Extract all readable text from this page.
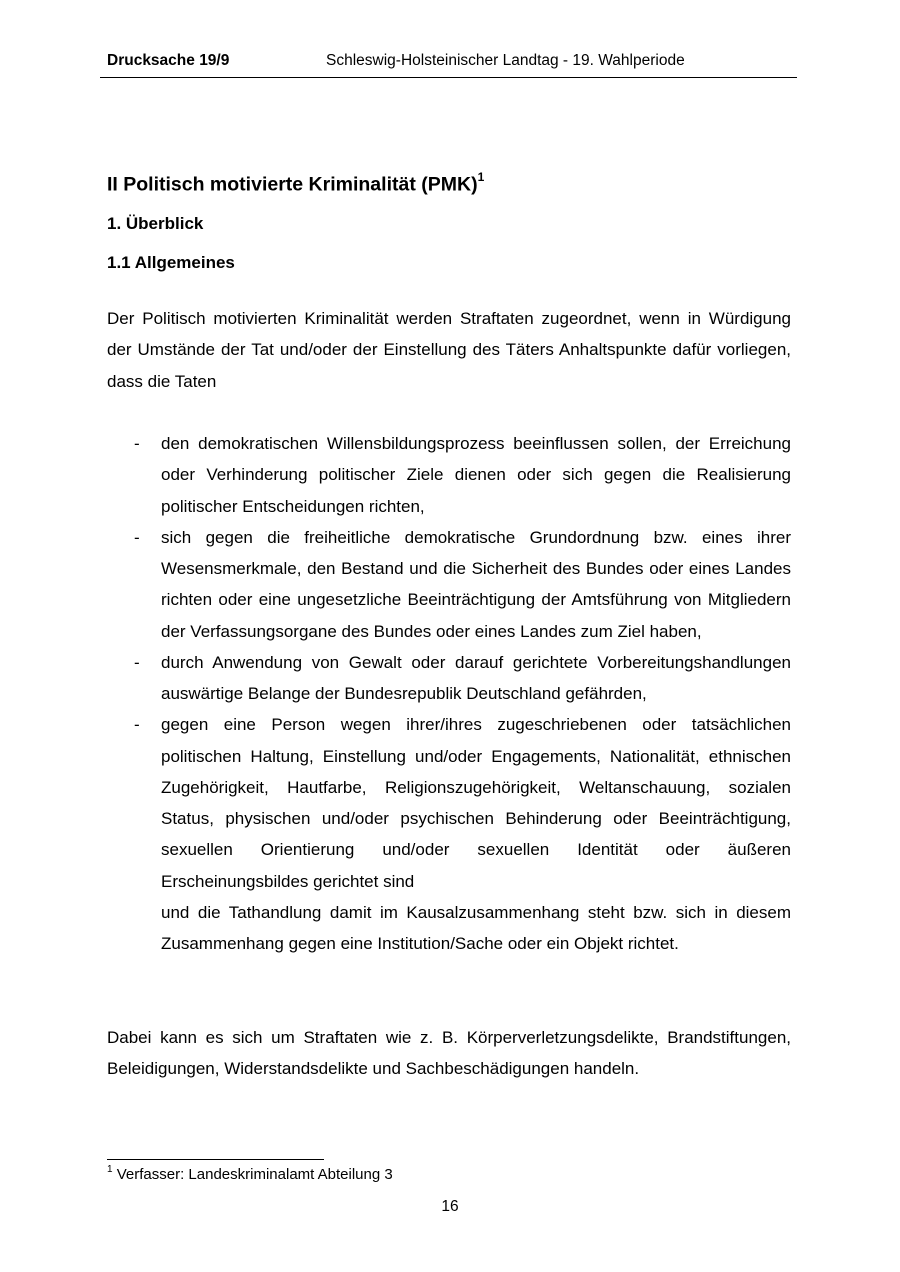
Drucksache 19/9	Schleswig-Holsteinischer Landtag - 19. Wahlperiode
II Politisch motivierte Kriminalität (PMK)$^1$
1. Überblick
1.1 Allgemeines
Der Politisch motivierten Kriminalität werden Straftaten zugeordnet, wenn in Würdigung der Umstände der Tat und/oder der Einstellung des Täters Anhaltspunkte dafür vorliegen, dass die Taten
- den demokratischen Willensbildungsprozess beeinflussen sollen, der Erreichung oder Verhinderung politischer Ziele dienen oder sich gegen die Realisierung politischer Entscheidungen richten,
- sich gegen die freiheitliche demokratische Grundordnung bzw. eines ihrer Wesensmerkmale, den Bestand und die Sicherheit des Bundes oder eines Landes richten oder eine ungesetzliche Beeinträchtigung der Amtsführung von Mitgliedern der Verfassungsorgane des Bundes oder eines Landes zum Ziel haben,
- durch Anwendung von Gewalt oder darauf gerichtete Vorbereitungshandlungen auswärtige Belange der Bundesrepublik Deutschland gefährden,
- gegen eine Person wegen ihrer/ihres zugeschriebenen oder tatsächlichen politischen Haltung, Einstellung und/oder Engagements, Nationalität, ethnischen Zugehörigkeit, Hautfarbe, Religionszugehörigkeit, Weltanschauung, sozialen Status, physischen und/oder psychischen Behinderung oder Beeinträchtigung, sexuellen Orientierung und/oder sexuellen Identität oder äußeren Erscheinungsbildes gerichtet sind
und die Tathandlung damit im Kausalzusammenhang steht bzw. sich in diesem Zusammenhang gegen eine Institution/Sache oder ein Objekt richtet.
Dabei kann es sich um Straftaten wie z. B. Körperverletzungsdelikte, Brandstiftungen, Beleidigungen, Widerstandsdelikte und Sachbeschädigungen handeln.
$^1$ Verfasser: Landeskriminalamt Abteilung 3
16
